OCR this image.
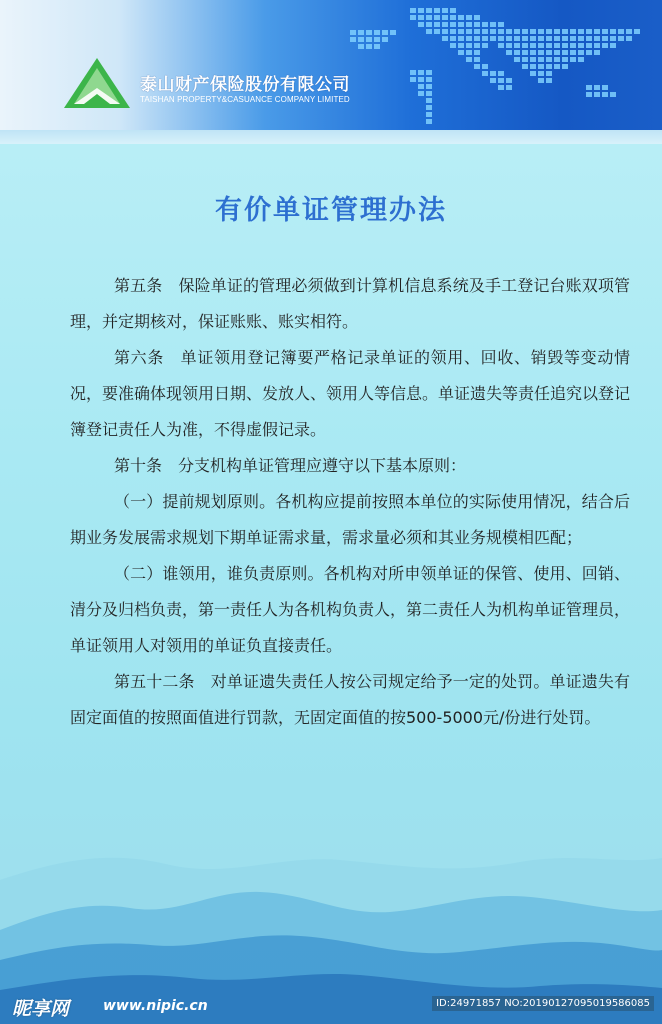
泰山财产保险股份有限公司
TAISHAN PROPERTY&CASUANCE COMPANY LIMITED
有价单证管理办法

第五条　保险单证的管理必须做到计算机信息系统及手工登记台账双项管理，并定期核对，保证账账、账实相符。

第六条　单证领用登记簿要严格记录单证的领用、回收、销毁等变动情况，要准确体现领用日期、发放人、领用人等信息。单证遗失等责任追究以登记簿登记责任人为准，不得虚假记录。

第十条　分支机构单证管理应遵守以下基本原则：

（一）提前规划原则。各机构应提前按照本单位的实际使用情况，结合后期业务发展需求规划下期单证需求量，需求量必须和其业务规模相匹配；

（二）谁领用，谁负责原则。各机构对所申领单证的保管、使用、回销、清分及归档负责，第一责任人为各机构负责人，第二责任人为机构单证管理员，单证领用人对领用的单证负直接责任。

第五十二条　对单证遗失责任人按公司规定给予一定的处罚。单证遗失有固定面值的按照面值进行罚款，无固定面值的按500-5000元/份进行处罚。

昵享网 www.nipic.cn	ID:24971857 NO:20190127095019586085
